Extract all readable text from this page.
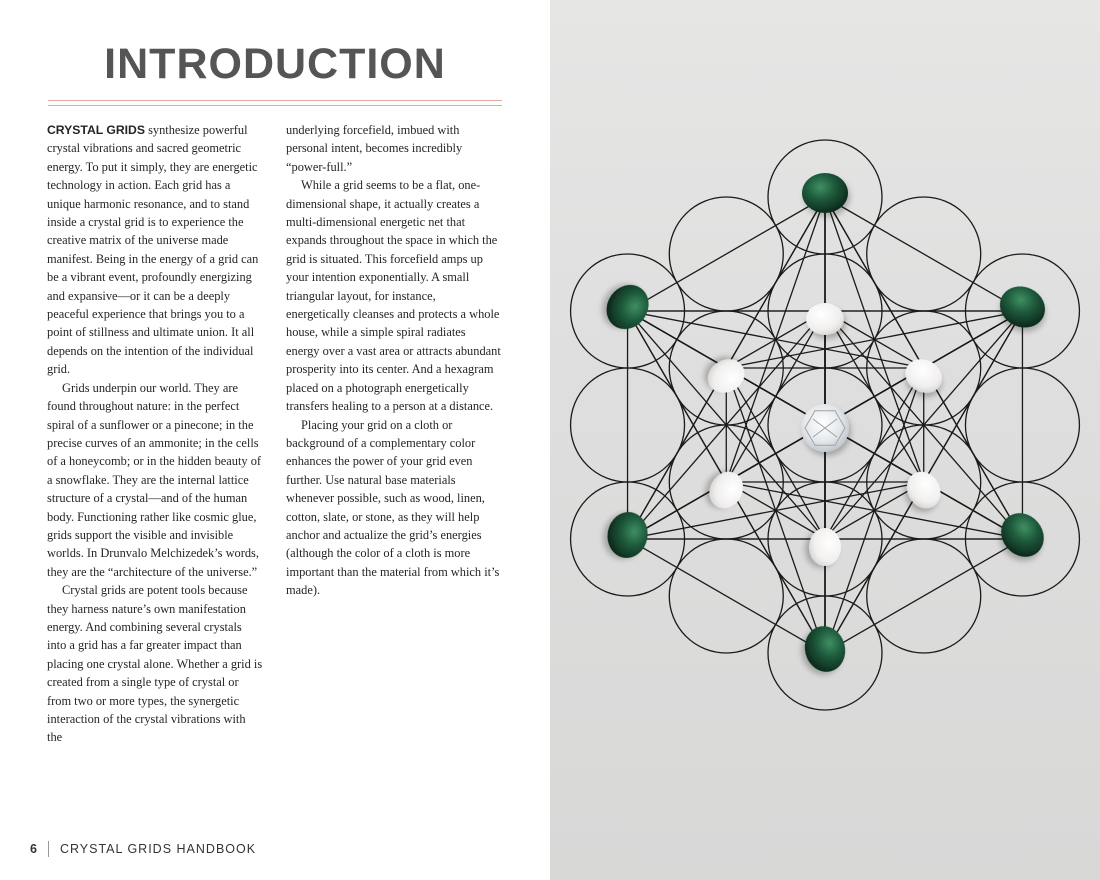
INTRODUCTION

CRYSTAL GRIDS synthesize powerful crystal vibrations and sacred geometric energy. To put it simply, they are energetic technology in action. Each grid has a unique harmonic resonance, and to stand inside a crystal grid is to experience the creative matrix of the universe made manifest. Being in the energy of a grid can be a vibrant event, profoundly energizing and expansive—or it can be a deeply peaceful experience that brings you to a point of stillness and ultimate union. It all depends on the intention of the individual grid.

Grids underpin our world. They are found throughout nature: in the perfect spiral of a sunflower or a pinecone; in the precise curves of an ammonite; in the cells of a honeycomb; or in the hidden beauty of a snowflake. They are the internal lattice structure of a crystal—and of the human body. Functioning rather like cosmic glue, grids support the visible and invisible worlds. In Drunvalo Melchizedek’s words, they are the “architecture of the universe.”

Crystal grids are potent tools because they harness nature’s own manifestation energy. And combining several crystals into a grid has a far greater impact than placing one crystal alone. Whether a grid is created from a single type of crystal or from two or more types, the synergetic interaction of the crystal vibrations with the

underlying forcefield, imbued with personal intent, becomes incredibly “power-full.”

While a grid seems to be a flat, one-dimensional shape, it actually creates a multi-dimensional energetic net that expands throughout the space in which the grid is situated. This forcefield amps up your intention exponentially. A small triangular layout, for instance, energetically cleanses and protects a whole house, while a simple spiral radiates energy over a vast area or attracts abundant prosperity into its center. And a hexagram placed on a photograph energetically transfers healing to a person at a distance.

Placing your grid on a cloth or background of a complementary color enhances the power of your grid even further. Use natural base materials whenever possible, such as wood, linen, cotton, slate, or stone, as they will help anchor and actualize the grid’s energies (although the color of a cloth is more important than the material from which it’s made).

6 CRYSTAL GRIDS HANDBOOK
